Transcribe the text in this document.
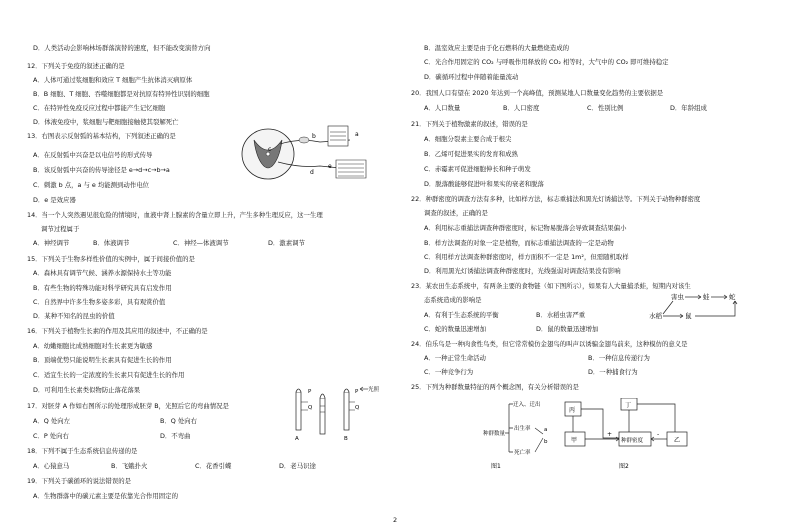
D．人类活动会影响林场群落演替的速度，但不能改变演替方向
12．下列关于免疫的叙述正确的是
A．人体可通过浆细胞和效应 T 细胞产生抗体消灭病原体
B．B 细胞、T 细胞、吞噬细胞都是对抗原有特异性识别的细胞
C．在特异性免疫反应过程中都能产生记忆细胞
D．体液免疫中，浆细胞与靶细胞接触使其裂解死亡
13．右图表示反射弧的基本结构，下列叙述正确的是
A．在反射弧中兴奋是以电信号的形式传导
B．该反射弧中兴奋的传导途径是 e→d→c→b→a
C．刺激 b 点，a 与 e 均能测到动作电位
D．e 是效应器
a
b
c
d
e
14．当一个人突然遇见很危险的情境时，血液中肾上腺素的含量立即上升，产生多种生理反应，这一生理
调节过程属于
A．神经调节	B．体液调节	C．神经—体液调节	D．激素调节
15．下列关于生物多样性价值的实例中，属于间接价值的是
A．森林具有调节气候、涵养水源保持水土等功能
B．有些生物的特殊功能对科学研究具有启发作用
C．自然界中许多生物多姿多彩，具有观赏价值
D．某种不知名的昆虫的价值
16．下列关于植物生长素的作用及其应用的叙述中，不正确的是
A．幼嫩细胞比成熟细胞对生长素更为敏感
B．顶端优势只能说明生长素具有促进生长的作用
C．适宜生长的一定浓度的生长素只有促进生长的作用
D．可利用生长素类似物防止落花落果	P
Q
A
P
Q
光照
B
17．对胚芽 A 作如右图所示的处理形成胚芽 B，光照后它的弯曲情况是
A．Q 处向左	B．Q 处向右
C．P 处向右	D．不弯曲
18．下列不属于生态系统信息传递的是
A．心猿意马	B．飞蛾扑火	C．花香引蝶	D．老马识途
19．下列关于碳循环的说法错误的是
A．生物群落中的碳元素主要是依靠光合作用固定的
B．温室效应主要是由于化石燃料的大量燃烧造成的
C．光合作用固定的 CO₂ 与呼吸作用释放的 CO₂ 相等时，大气中的 CO₂ 即可维持稳定
D．碳循环过程中伴随着能量流动
20．我国人口有望在 2020 年达到一个高峰值，预测某地人口数量变化趋势的主要依据是
A．人口数量	B．人口密度	C．性别比例	D．年龄组成
21．下列关于植物激素的叙述，错误的是
A．细胞分裂素主要合成于根尖
B．乙烯可促进果实的发育和成熟
C．赤霉素可促进细胞伸长和种子萌发
D．脱落酸能够促进叶和果实的衰老和脱落
22．种群密度的调查方法有多种，比如样方法，标志重捕法和黑光灯诱捕法等。下列关于动物种群密度
调查的叙述，正确的是
A．利用标志重捕法调查种群密度时，标记物易脱落会导致调查结果偏小
B．样方法调查的对象一定是植物，而标志重捕法调查的一定是动物
C．利用样方法调查种群密度时，样方面积不一定是 1m²，但需随机取样
D．利用黑光灯诱捕法调查种群密度时，光线强弱对调查结果没有影响
23．某农田生态系统中，有两条主要的食物链（如下图所示），如果有人大量捕杀蛙，短期内对该生
态系统造成的影响是
A．有利于生态系统的平衡	B．水稻虫害严重
C．蛇的数量迅速增加	D．鼠的数量迅速增加
害虫	蛙	蛇
水稻	鼠
24．伯乐鸟是一种肉食性鸟类，但它常常模仿金翅鸟的叫声以诱骗金翅鸟前来，这种模仿的意义是
A．一种正常生命活动	B．一种信息传递行为
C．一种竞争行为	D．一种捕食行为
25．下列为种群数量特征的两个概念图，有关分析错误的是
迁入、迁出
种群数量
出生率
死亡率
a
b
图1
丙
丁
甲	种群密度	乙
+	-
图2
2
